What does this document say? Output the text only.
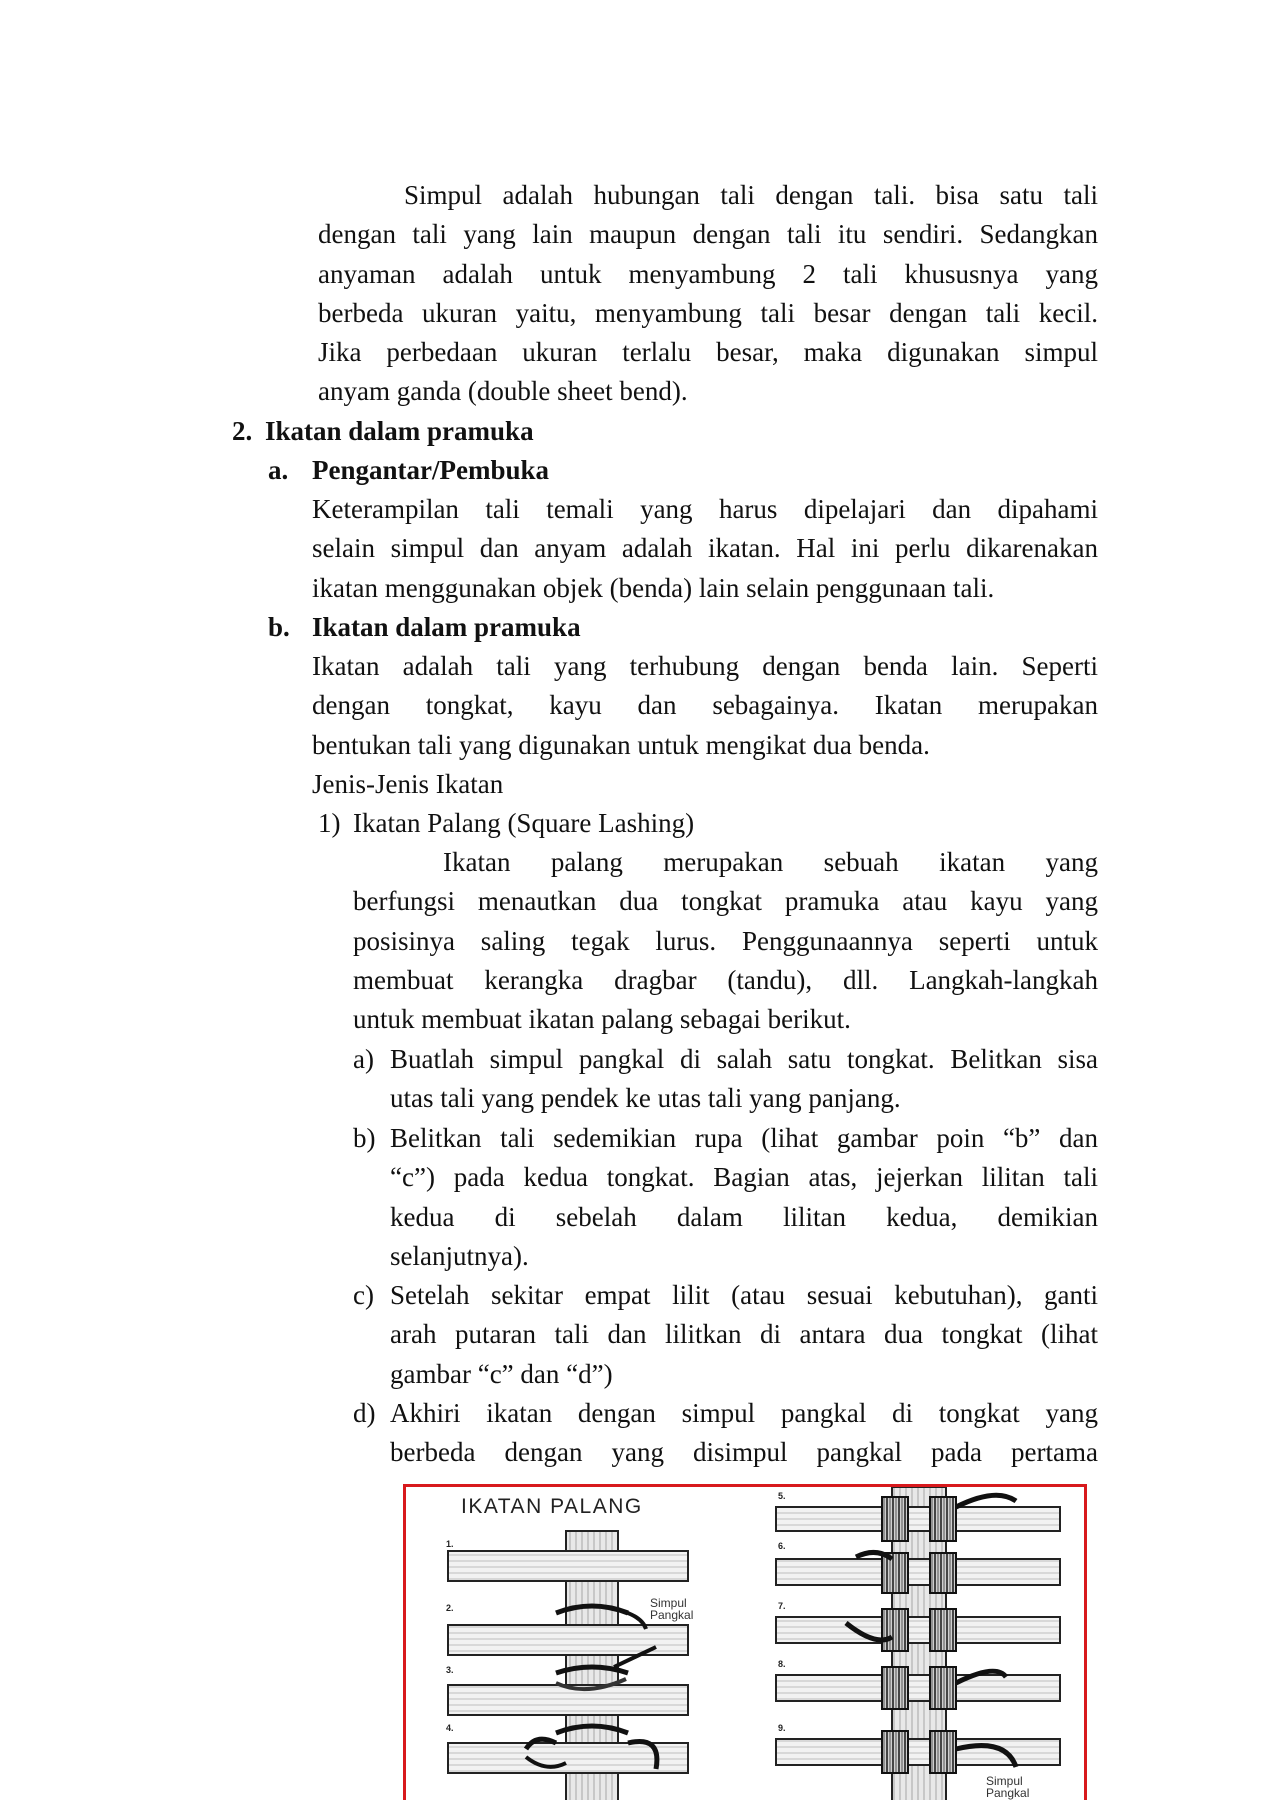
Simpul adalah hubungan tali dengan tali. bisa satu tali
dengan tali yang lain maupun dengan tali itu sendiri. Sedangkan
anyaman adalah untuk menyambung 2 tali khususnya yang
berbeda ukuran yaitu, menyambung tali besar dengan tali kecil.
Jika perbedaan ukuran terlalu besar, maka digunakan simpul
anyam ganda (double sheet bend).
2. Ikatan dalam pramuka
a. Pengantar/Pembuka
Keterampilan tali temali yang harus dipelajari dan dipahami
selain simpul dan anyam adalah ikatan. Hal ini perlu dikarenakan
ikatan menggunakan objek (benda) lain selain penggunaan tali.
b. Ikatan dalam pramuka
Ikatan adalah tali yang terhubung dengan benda lain. Seperti
dengan tongkat, kayu dan sebagainya. Ikatan merupakan
bentukan tali yang digunakan untuk mengikat dua benda.
Jenis-Jenis Ikatan
1) Ikatan Palang (Square Lashing)
Ikatan palang merupakan sebuah ikatan yang
berfungsi menautkan dua tongkat pramuka atau kayu yang
posisinya saling tegak lurus. Penggunaannya seperti untuk
membuat kerangka dragbar (tandu), dll. Langkah-langkah
untuk membuat ikatan palang sebagai berikut.
a) Buatlah simpul pangkal di salah satu tongkat. Belitkan sisa
utas tali yang pendek ke utas tali yang panjang.
b) Belitkan tali sedemikian rupa (lihat gambar poin “b” dan
“c”) pada kedua tongkat. Bagian atas, jejerkan lilitan tali
kedua di sebelah dalam lilitan kedua, demikian
selanjutnya).
c) Setelah sekitar empat lilit (atau sesuai kebutuhan), ganti
arah putaran tali dan lilitkan di antara dua tongkat (lihat
gambar “c” dan “d”)
d) Akhiri ikatan dengan simpul pangkal di tongkat yang
berbeda dengan yang disimpul pangkal pada pertama
IKATAN PALANG
1.
2.
3.
4.
Simpul
Pangkal
5.
6.
7.
8.
9.
Simpul
Pangkal
